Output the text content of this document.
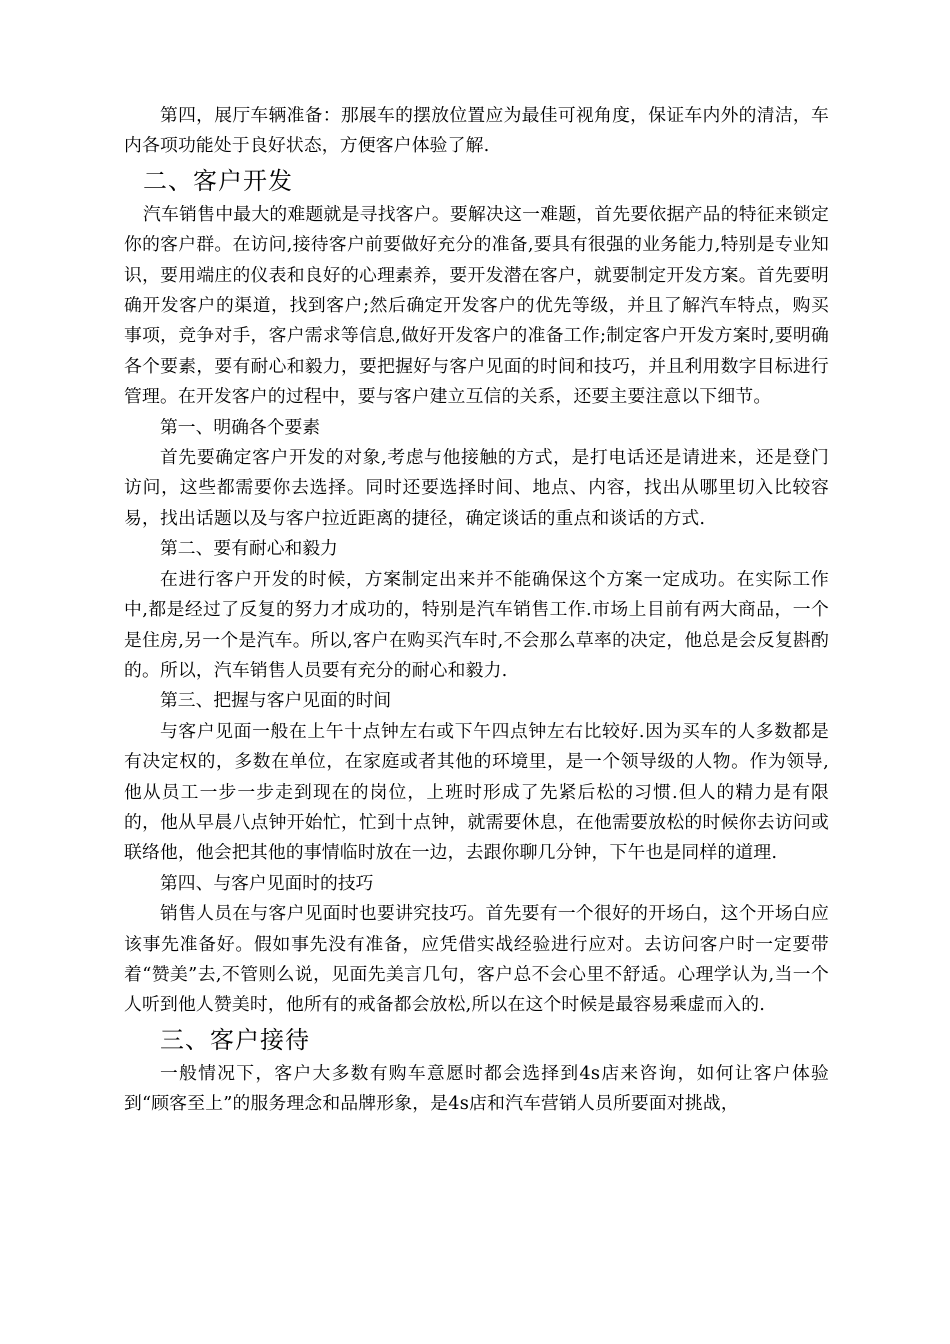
第四，展厅车辆准备：那展车的摆放位置应为最佳可视角度，保证车内外的清洁，车内各项功能处于良好状态，方便客户体验了解.

二、客户开发

汽车销售中最大的难题就是寻找客户。要解决这一难题，首先要依据产品的特征来锁定你的客户群。在访问,接待客户前要做好充分的准备,要具有很强的业务能力,特别是专业知识，要用端庄的仪表和良好的心理素养，要开发潜在客户，就要制定开发方案。首先要明确开发客户的渠道，找到客户;然后确定开发客户的优先等级，并且了解汽车特点，购买事项，竞争对手，客户需求等信息,做好开发客户的准备工作;制定客户开发方案时,要明确各个要素，要有耐心和毅力，要把握好与客户见面的时间和技巧，并且利用数字目标进行管理。在开发客户的过程中，要与客户建立互信的关系，还要主要注意以下细节。

第一、明确各个要素

首先要确定客户开发的对象,考虑与他接触的方式，是打电话还是请进来，还是登门访问，这些都需要你去选择。同时还要选择时间、地点、内容，找出从哪里切入比较容易，找出话题以及与客户拉近距离的捷径，确定谈话的重点和谈话的方式.

第二、要有耐心和毅力

在进行客户开发的时候，方案制定出来并不能确保这个方案一定成功。在实际工作中,都是经过了反复的努力才成功的，特别是汽车销售工作.市场上目前有两大商品，一个是住房,另一个是汽车。所以,客户在购买汽车时,不会那么草率的决定，他总是会反复斟酌的。所以，汽车销售人员要有充分的耐心和毅力.

第三、把握与客户见面的时间

与客户见面一般在上午十点钟左右或下午四点钟左右比较好.因为买车的人多数都是有决定权的，多数在单位，在家庭或者其他的环境里，是一个领导级的人物。作为领导,他从员工一步一步走到现在的岗位，上班时形成了先紧后松的习惯.但人的精力是有限的，他从早晨八点钟开始忙，忙到十点钟，就需要休息，在他需要放松的时候你去访问或联络他，他会把其他的事情临时放在一边，去跟你聊几分钟，下午也是同样的道理.

第四、与客户见面时的技巧

销售人员在与客户见面时也要讲究技巧。首先要有一个很好的开场白，这个开场白应该事先准备好。假如事先没有准备，应凭借实战经验进行应对。去访问客户时一定要带着“赞美”去,不管则么说，见面先美言几句，客户总不会心里不舒适。心理学认为,当一个人听到他人赞美时，他所有的戒备都会放松,所以在这个时候是最容易乘虚而入的.

三、客户接待

一般情况下，客户大多数有购车意愿时都会选择到4s店来咨询，如何让客户体验到“顾客至上”的服务理念和品牌形象，是4s店和汽车营销人员所要面对挑战，
